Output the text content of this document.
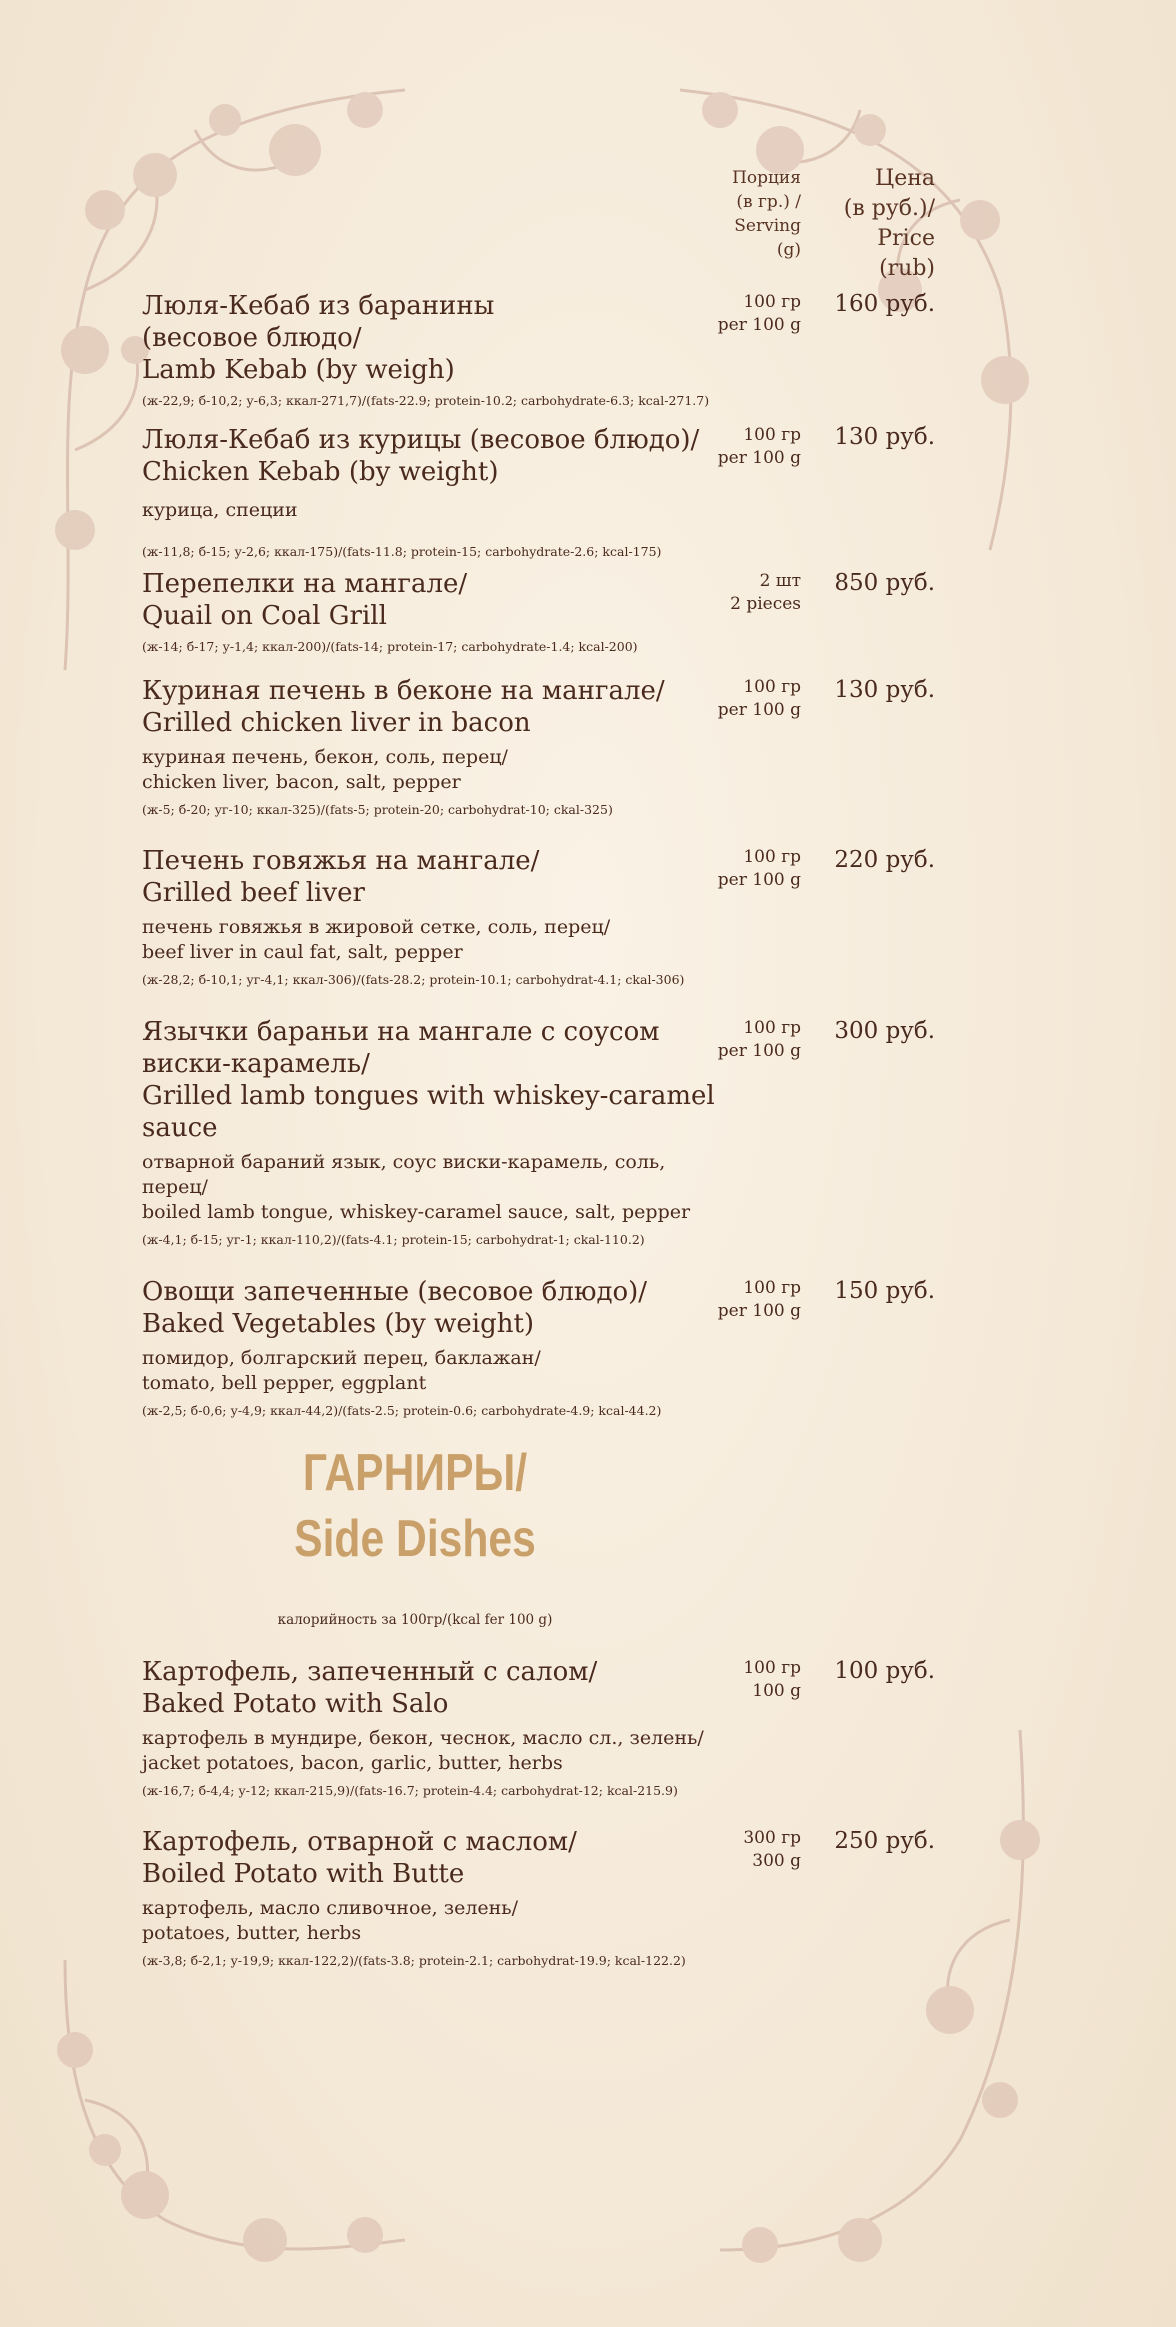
Порция
(в гр.) /
Serving
(g)
Цена
(в руб.)/
Price
(rub)
Люля-Кебаб из баранины
(весовое блюдо/
Lamb Kebab (by weigh)
(ж-22,9; б-10,2; у-6,3; ккал-271,7)/(fats-22.9; protein-10.2; carbohydrate-6.3; kcal-271.7)
100 гр
per 100 g
160 руб.
Люля-Кебаб из курицы (весовое блюдо)/
Chicken Kebab (by weight)
курица, специи
(ж-11,8; б-15; у-2,6; ккал-175)/(fats-11.8; protein-15; carbohydrate-2.6; kcal-175)
100 гр
per 100 g
130 руб.
Перепелки на мангале/
Quail on Coal Grill
(ж-14; б-17; у-1,4; ккал-200)/(fats-14; protein-17; carbohydrate-1.4; kcal-200)
2 шт
2 pieces
850 руб.
Куриная печень в беконе на мангале/
Grilled chicken liver in bacon
куриная печень, бекон, соль, перец/
chicken liver, bacon, salt, pepper
(ж-5; б-20; уг-10; ккал-325)/(fats-5; protein-20; carbohydrat-10; ckal-325)
100 гр
per 100 g
130 руб.
Печень говяжья на мангале/
Grilled beef liver
печень говяжья в жировой сетке, соль, перец/
beef liver in caul fat, salt, pepper
(ж-28,2; б-10,1; уг-4,1; ккал-306)/(fats-28.2; protein-10.1; carbohydrat-4.1; ckal-306)
100 гр
per 100 g
220 руб.
Язычки бараньи на мангале с соусом
виски-карамель/
Grilled lamb tongues with whiskey-caramel
sauce
отварной бараний язык, соус виски-карамель, соль,
перец/
boiled lamb tongue, whiskey-caramel sauce, salt, pepper
(ж-4,1; б-15; уг-1; ккал-110,2)/(fats-4.1; protein-15; carbohydrat-1; ckal-110.2)
100 гр
per 100 g
300 руб.
Овощи запеченные (весовое блюдо)/
Baked Vegetables (by weight)
помидор, болгарский перец, баклажан/
tomato, bell pepper, eggplant
(ж-2,5; б-0,6; у-4,9; ккал-44,2)/(fats-2.5; protein-0.6; carbohydrate-4.9; kcal-44.2)
100 гр
per 100 g
150 руб.
ГАРНИРЫ/
Side Dishes
калорийность за 100гр/(kcal fer 100 g)
Картофель, запеченный с салом/
Baked Potato with Salo
картофель в мундире, бекон, чеснок, масло сл., зелень/
jacket potatoes, bacon, garlic, butter, herbs
(ж-16,7; б-4,4; у-12; ккал-215,9)/(fats-16.7; protein-4.4; carbohydrat-12; kcal-215.9)
100 гр
100 g
100 руб.
Картофель, отварной с маслом/
Boiled Potato with Butte
картофель, масло сливочное, зелень/
potatoes, butter, herbs
(ж-3,8; б-2,1; у-19,9; ккал-122,2)/(fats-3.8; protein-2.1; carbohydrat-19.9; kcal-122.2)
300 гр
300 g
250 руб.
